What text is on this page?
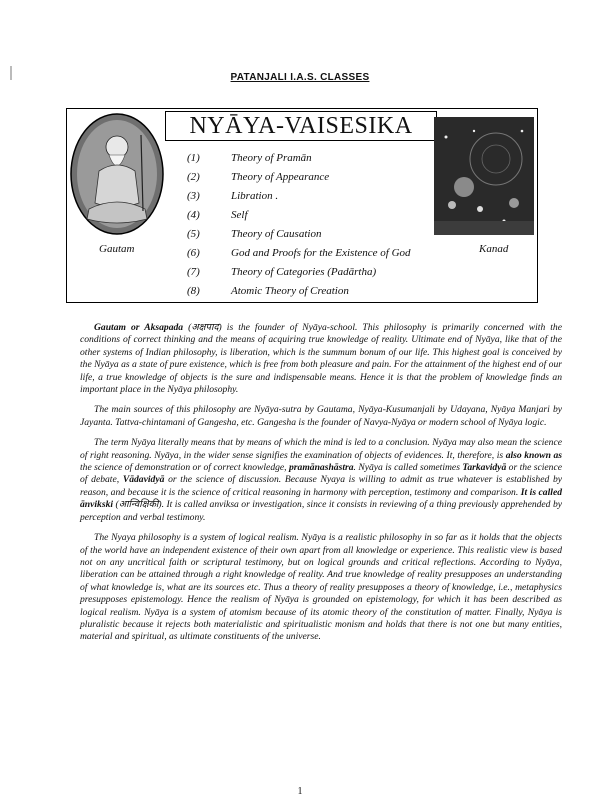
PATANJALI I.A.S. CLASSES
NYĀYA-VAISESIKA
(1)	Theory of Pramān
(2)	Theory of Appearance
(3)	Libration .
(4)	Self
(5)	Theory of Causation
(6)	God and Proofs for the Existence of God
(7)	Theory of Categories (Padārtha)
(8)	Atomic Theory of Creation
Gautam	Kanad

Gautam or Aksapada (अक्षपाद) is the founder of Nyāya-school. This philosophy is primarily concerned with the conditions of correct thinking and the means of acquiring true knowledge of reality. Ultimate end of Nyāya, like that of the other systems of Indian philosophy, is liberation, which is the summum bonum of our life. This highest goal is conceived by the Nyāya as a state of pure existence, which is free from both pleasure and pain. For the attainment of the highest end of our life, a true knowledge of objects is the sure and indispensable means. Hence it is that the problem of knowledge finds an important place in the Nyāya philosophy.

The main sources of this philosophy are Nyāya-sutra by Gautama, Nyāya-Kusumanjali by Udayana, Nyāya Manjari by Jayanta. Tattva-chintamani of Gangesha, etc. Gangesha is the founder of Navya-Nyāya or modern school of Nyāya logic.

The term Nyāya literally means that by means of which the mind is led to a conclusion. Nyāya may also mean the science of right reasoning. Nyāya, in the wider sense signifies the examination of objects of evidences. It, therefore, is also known as the science of demonstration or of correct knowledge, pramānashāstra. Nyāya is called sometimes Tarkavidyā or the science of debate, Vādavidyā or the science of discussion. Because Nyaya is willing to admit as true whatever is established by reason, and because it is the science of critical reasoning in harmony with perception, testimony and comparison. It is called ānvikski (आन्विक्षिकी). It is called anviksa or investigation, since it consists in reviewing of a thing previously apprehended by perception and verbal testimony.

The Nyaya philosophy is a system of logical realism. Nyāya is a realistic philosophy in so far as it holds that the objects of the world have an independent existence of their own apart from all knowledge or experience. This realistic view is based not on any uncritical faith or scriptural testimony, but on logical grounds and critical reflections. According to Nyāya, liberation can be attained through a right knowledge of reality. And true knowledge of reality presupposes an understanding of what knowledge is, what are its sources etc. Thus a theory of reality presupposes a theory of knowledge, i.e., metaphysics presupposes epistemology. Hence the realism of Nyāya is grounded on epistemology, for which it has been described as logical realism. Nyāya is a system of atomism because of its atomic theory of the constitution of matter. Finally, Nyāya is pluralistic because it rejects both materialistic and spiritualistic monism and holds that there is not one but many entities, material and spiritual, as ultimate constituents of the universe.

1
